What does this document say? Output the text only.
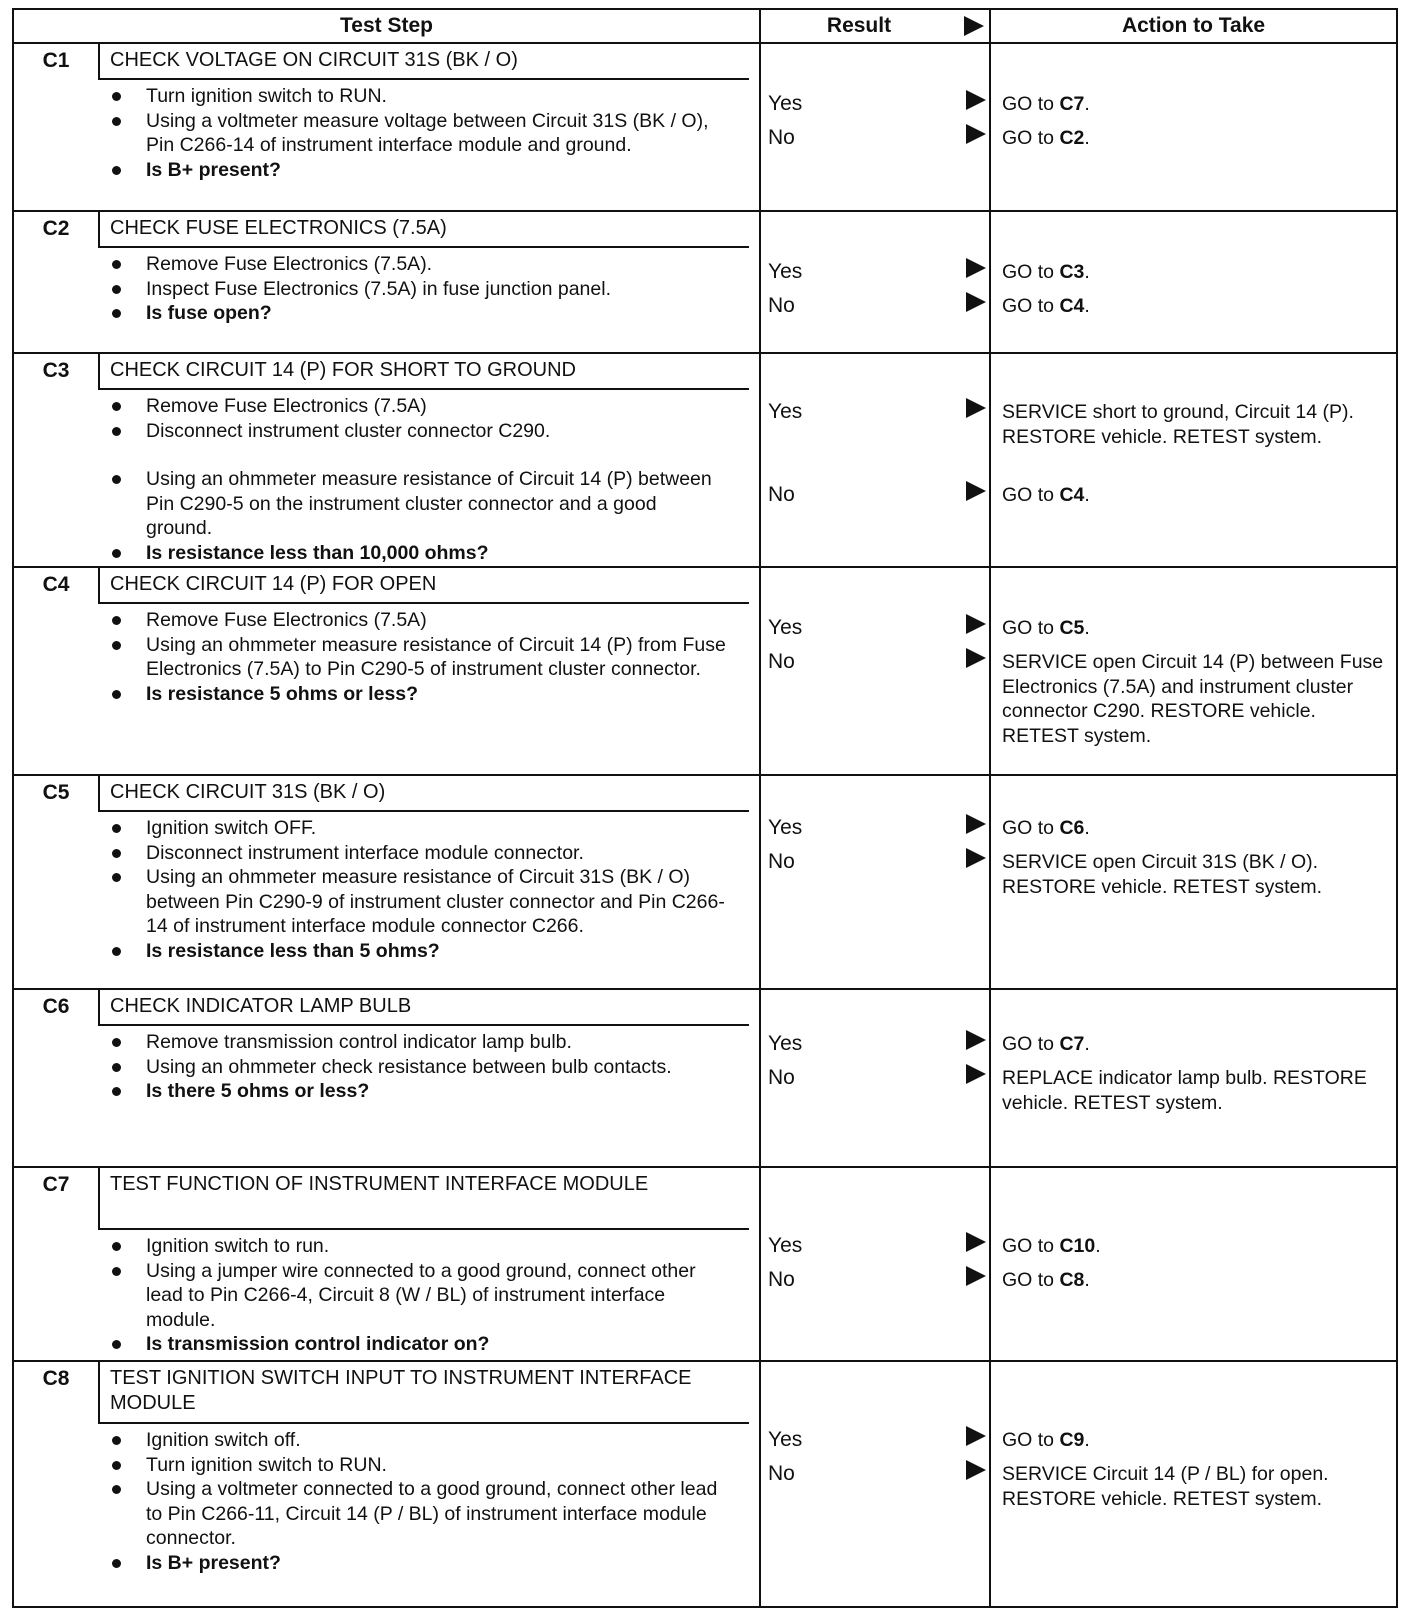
Test Step	Result	Action to Take
C1	CHECK VOLTAGE ON CIRCUIT 31S (BK / O)
Turn ignition switch to RUN.
Using a voltmeter measure voltage between Circuit 31S (BK / O), Pin C266-14 of instrument interface module and ground.
Is B+ present?
Yes	GO to C7.
No	GO to C2.
C2	CHECK FUSE ELECTRONICS (7.5A)
Remove Fuse Electronics (7.5A).
Inspect Fuse Electronics (7.5A) in fuse junction panel.
Is fuse open?
Yes	GO to C3.
No	GO to C4.
C3	CHECK CIRCUIT 14 (P) FOR SHORT TO GROUND
Remove Fuse Electronics (7.5A)
Disconnect instrument cluster connector C290.
Using an ohmmeter measure resistance of Circuit 14 (P) between Pin C290-5 on the instrument cluster connector and a good ground.
Is resistance less than 10,000 ohms?
Yes	SERVICE short to ground, Circuit 14 (P). RESTORE vehicle. RETEST system.
No	GO to C4.
C4	CHECK CIRCUIT 14 (P) FOR OPEN
Remove Fuse Electronics (7.5A)
Using an ohmmeter measure resistance of Circuit 14 (P) from Fuse Electronics (7.5A) to Pin C290-5 of instrument cluster connector.
Is resistance 5 ohms or less?
Yes	GO to C5.
No	SERVICE open Circuit 14 (P) between Fuse Electronics (7.5A) and instrument cluster connector C290. RESTORE vehicle. RETEST system.
C5	CHECK CIRCUIT 31S (BK / O)
Ignition switch OFF.
Disconnect instrument interface module connector.
Using an ohmmeter measure resistance of Circuit 31S (BK / O) between Pin C290-9 of instrument cluster connector and Pin C266-14 of instrument interface module connector C266.
Is resistance less than 5 ohms?
Yes	GO to C6.
No	SERVICE open Circuit 31S (BK / O). RESTORE vehicle. RETEST system.
C6	CHECK INDICATOR LAMP BULB
Remove transmission control indicator lamp bulb.
Using an ohmmeter check resistance between bulb contacts.
Is there 5 ohms or less?
Yes	GO to C7.
No	REPLACE indicator lamp bulb. RESTORE vehicle. RETEST system.
C7	TEST FUNCTION OF INSTRUMENT INTERFACE MODULE
Ignition switch to run.
Using a jumper wire connected to a good ground, connect other lead to Pin C266-4, Circuit 8 (W / BL) of instrument interface module.
Is transmission control indicator on?
Yes	GO to C10.
No	GO to C8.
C8	TEST IGNITION SWITCH INPUT TO INSTRUMENT INTERFACE MODULE
Ignition switch off.
Turn ignition switch to RUN.
Using a voltmeter connected to a good ground, connect other lead to Pin C266-11, Circuit 14 (P / BL) of instrument interface module connector.
Is B+ present?
Yes	GO to C9.
No	SERVICE Circuit 14 (P / BL) for open. RESTORE vehicle. RETEST system.
